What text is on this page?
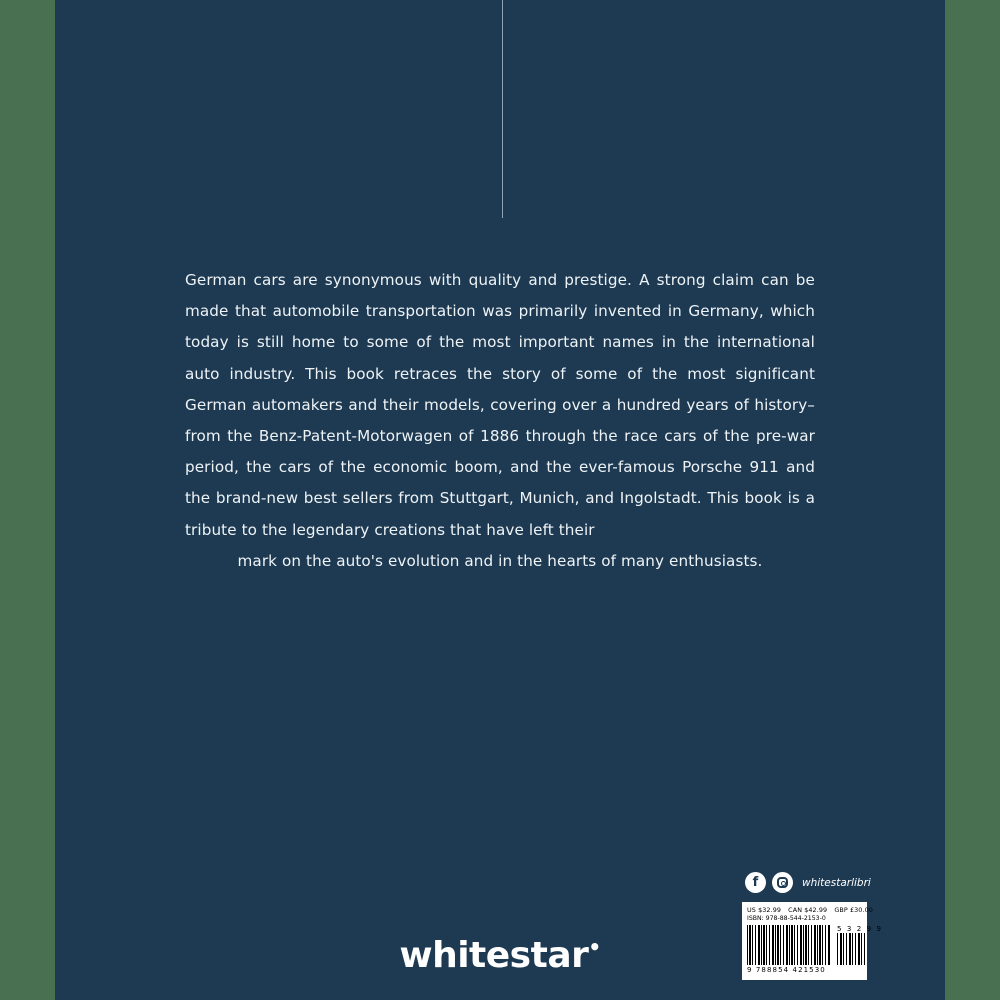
German cars are synonymous with quality and prestige. A strong claim can be made that automobile transportation was primarily invented in Germany, which today is still home to some of the most important names in the international auto industry. This book retraces the story of some of the most significant German automakers and their models, covering over a hundred years of history–from the Benz-Patent-Motorwagen of 1886 through the race cars of the pre-war period, the cars of the economic boom, and the ever-famous Porsche 911 and the brand-new best sellers from Stuttgart, Munich, and Ingolstadt. This book is a tribute to the legendary creations that have left their
mark on the auto's evolution and in the hearts of many enthusiasts.
f	whitestarlibri
US $32.99 CAN $42.99 GBP £30.00
ISBN: 978-88-544-2153-0
9 788854 421530
5 3 2 9 9
whitestar•
